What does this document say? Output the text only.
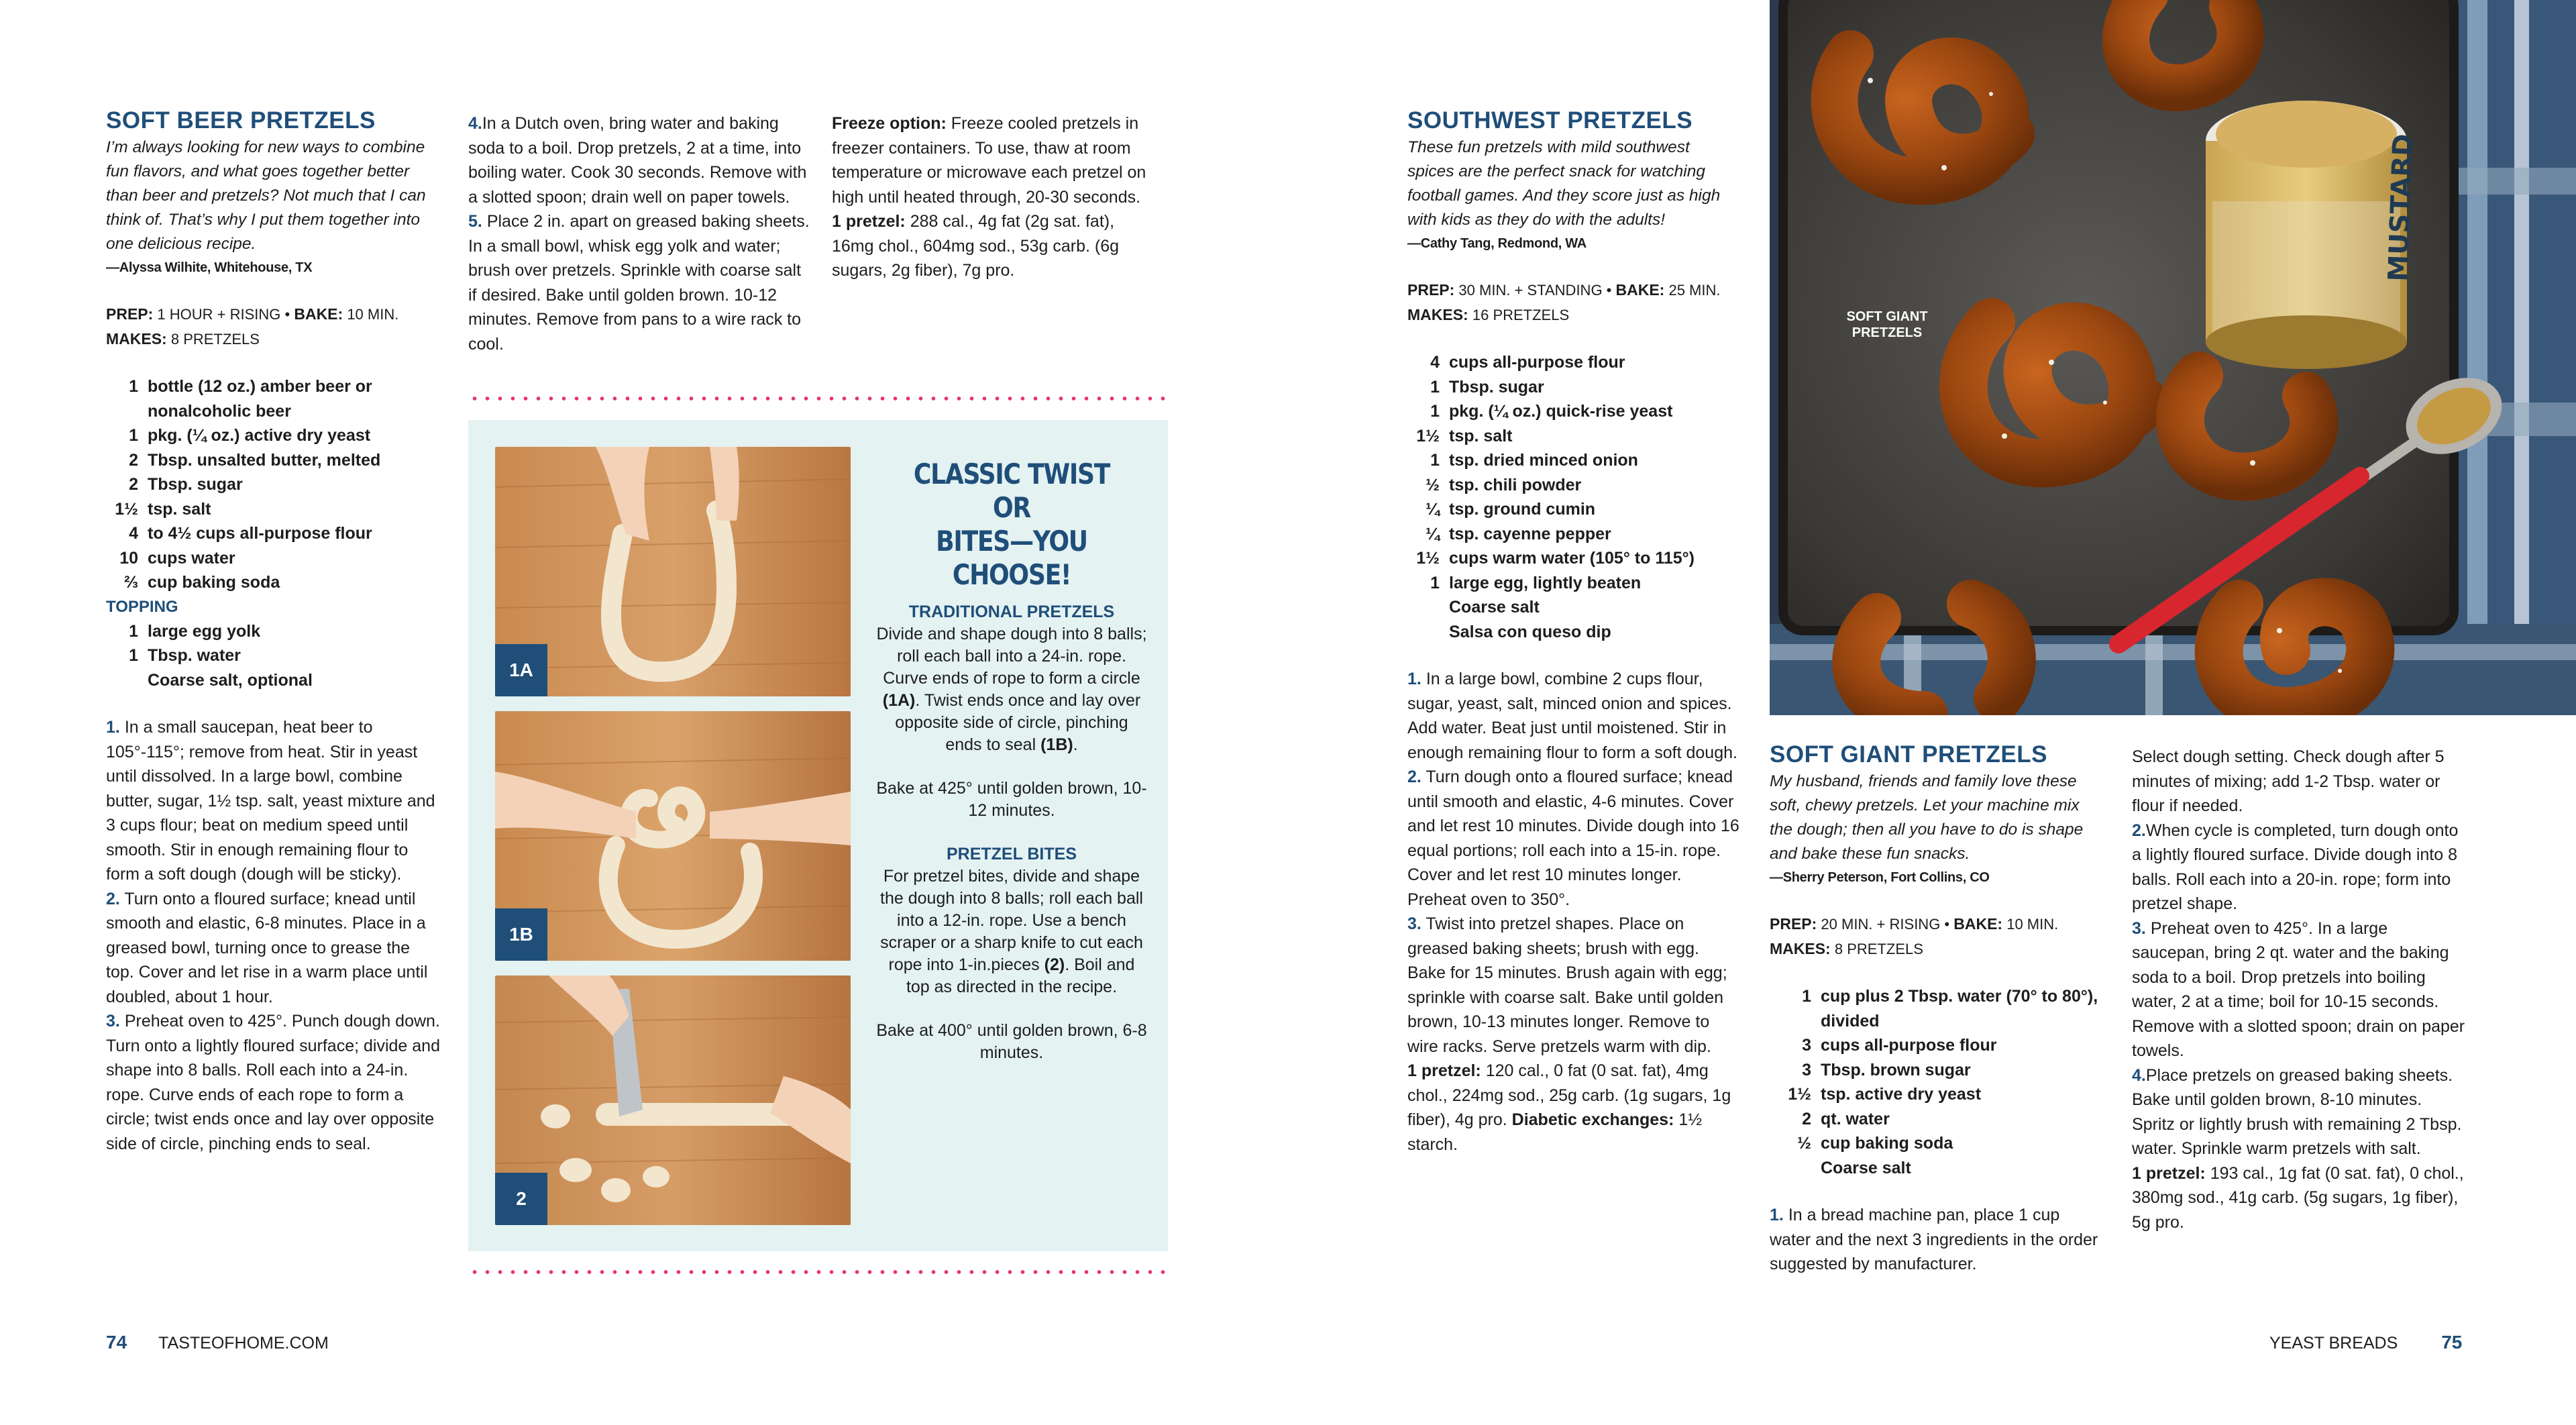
SOFT BEER PRETZELS

I’m always looking for new ways to combine fun flavors, and what goes together better than beer and pretzels? Not much that I can think of. That’s why I put them together into one delicious recipe.

—Alyssa Wilhite, Whitehouse, TX

PREP: 1 HOUR + RISING • BAKE: 10 MIN.

MAKES: 8 PRETZELS

1 bottle (12 oz.) amber beer or nonalcoholic beer
1 pkg. (¼ oz.) active dry yeast
2 Tbsp. unsalted butter, melted
2 Tbsp. sugar
1½ tsp. salt
4 to 4½ cups all-purpose flour
10 cups water
⅔ cup baking soda
TOPPING
1 large egg yolk
1 Tbsp. water
Coarse salt, optional

1. In a small saucepan, heat beer to 105°-115°; remove from heat. Stir in yeast until dissolved. In a large bowl, combine butter, sugar, 1½ tsp. salt, yeast mixture and 3 cups flour; beat on medium speed until smooth. Stir in enough remaining flour to form a soft dough (dough will be sticky).

2. Turn onto a floured surface; knead until smooth and elastic, 6-8 minutes. Place in a greased bowl, turning once to grease the top. Cover and let rise in a warm place until doubled, about 1 hour.

3. Preheat oven to 425°. Punch dough down. Turn onto a lightly floured surface; divide and shape into 8 balls. Roll each into a 24-in. rope. Curve ends of each rope to form a circle; twist ends once and lay over opposite side of circle, pinching ends to seal.

4.In a Dutch oven, bring water and baking soda to a boil. Drop pretzels, 2 at a time, into boiling water. Cook 30 seconds. Remove with a slotted spoon; drain well on paper towels.

5. Place 2 in. apart on greased baking sheets. In a small bowl, whisk egg yolk and water; brush over pretzels. Sprinkle with coarse salt if desired. Bake until golden brown. 10-12 minutes. Remove from pans to a wire rack to cool.

Freeze option: Freeze cooled pretzels in freezer containers. To use, thaw at room temperature or microwave each pretzel on high until heated through, 20-30 seconds.

1 pretzel: 288 cal., 4g fat (2g sat. fat), 16mg chol., 604mg sod., 53g carb. (6g sugars, 2g fiber), 7g pro.

1A
1B
2
CLASSIC TWIST OR
BITES—YOU CHOOSE!
TRADITIONAL PRETZELS

Divide and shape dough into 8 balls; roll each ball into a 24-in. rope. Curve ends of rope to form a circle (1A). Twist ends once and lay over opposite side of circle, pinching ends to seal (1B).

Bake at 425° until golden brown, 10-12 minutes.

PRETZEL BITES

For pretzel bites, divide and shape the dough into 8 balls; roll each ball into a 12-in. rope. Use a bench scraper or a sharp knife to cut each rope into 1-in.pieces (2). Boil and top as directed in the recipe.

Bake at 400° until golden brown, 6-8 minutes.

SOUTHWEST PRETZELS

These fun pretzels with mild southwest spices are the perfect snack for watching football games. And they score just as high with kids as they do with the adults!

—Cathy Tang, Redmond, WA

PREP: 30 MIN. + STANDING • BAKE: 25 MIN.

MAKES: 16 PRETZELS

4 cups all-purpose flour
1 Tbsp. sugar
1 pkg. (¼ oz.) quick-rise yeast
1½ tsp. salt
1 tsp. dried minced onion
½ tsp. chili powder
¼ tsp. ground cumin
¼ tsp. cayenne pepper
1½ cups warm water (105° to 115°)
1 large egg, lightly beaten
Coarse salt
Salsa con queso dip

1. In a large bowl, combine 2 cups flour, sugar, yeast, salt, minced onion and spices. Add water. Beat just until moistened. Stir in enough remaining flour to form a soft dough.

2. Turn dough onto a floured surface; knead until smooth and elastic, 4-6 minutes. Cover and let rest 10 minutes. Divide dough into 16 equal portions; roll each into a 15-in. rope. Cover and let rest 10 minutes longer. Preheat oven to 350°.

3. Twist into pretzel shapes. Place on greased baking sheets; brush with egg. Bake for 15 minutes. Brush again with egg; sprinkle with coarse salt. Bake until golden brown, 10-13 minutes longer. Remove to wire racks. Serve pretzels warm with dip.

1 pretzel: 120 cal., 0 fat (0 sat. fat), 4mg chol., 224mg sod., 25g carb. (1g sugars, 1g fiber), 4g pro. Diabetic exchanges: 1½ starch.

MUSTARD
SOFT GIANT PRETZELS
SOFT GIANT PRETZELS

My husband, friends and family love these soft, chewy pretzels. Let your machine mix the dough; then all you have to do is shape and bake these fun snacks.

—Sherry Peterson, Fort Collins, CO

PREP: 20 MIN. + RISING • BAKE: 10 MIN.

MAKES: 8 PRETZELS

1 cup plus 2 Tbsp. water (70° to 80°), divided
3 cups all-purpose flour
3 Tbsp. brown sugar
1½ tsp. active dry yeast
2 qt. water
½ cup baking soda
Coarse salt

1. In a bread machine pan, place 1 cup water and the next 3 ingredients in the order suggested by manufacturer.

Select dough setting. Check dough after 5 minutes of mixing; add 1-2 Tbsp. water or flour if needed.

2.When cycle is completed, turn dough onto a lightly floured surface. Divide dough into 8 balls. Roll each into a 20-in. rope; form into pretzel shape.

3. Preheat oven to 425°. In a large saucepan, bring 2 qt. water and the baking soda to a boil. Drop pretzels into boiling water, 2 at a time; boil for 10-15 seconds. Remove with a slotted spoon; drain on paper towels.

4.Place pretzels on greased baking sheets. Bake until golden brown, 8-10 minutes. Spritz or lightly brush with remaining 2 Tbsp. water. Sprinkle warm pretzels with salt.

1 pretzel: 193 cal., 1g fat (0 sat. fat), 0 chol., 380mg sod., 41g carb. (5g sugars, 1g fiber), 5g pro.

74 TASTEOFHOME.COM	YEAST BREADS 75
